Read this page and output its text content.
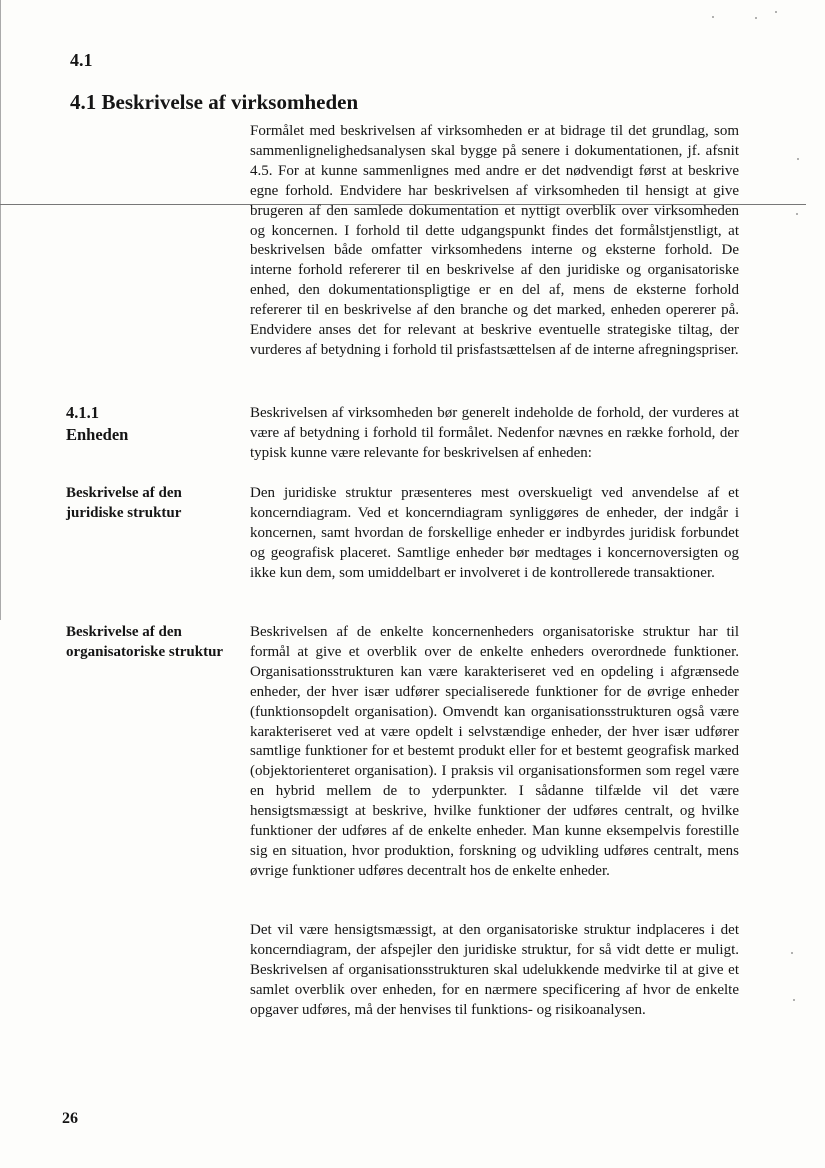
4.1
4.1 Beskrivelse af virksomheden
Formålet med beskrivelsen af virksomheden er at bidrage til det grundlag, som sammenlignelighedsanalysen skal bygge på senere i dokumentationen, jf. afsnit 4.5. For at kunne sammenlignes med andre er det nødvendigt først at beskrive egne forhold. Endvidere har beskrivelsen af virksomheden til hensigt at give brugeren af den samlede dokumentation et nyttigt overblik over virksomheden og koncernen. I forhold til dette udgangspunkt findes det formålstjenstligt, at beskrivelsen både omfatter virksomhedens interne og eksterne forhold. De interne forhold refererer til en beskrivelse af den juridiske og organisatoriske enhed, den dokumentationspligtige er en del af, mens de eksterne forhold refererer til en beskrivelse af den branche og det marked, enheden opererer på. Endvidere anses det for relevant at beskrive eventuelle strategiske tiltag, der vurderes af betydning i forhold til prisfastsættelsen af de interne afregningspriser.
4.1.1
Enheden
Beskrivelsen af virksomheden bør generelt indeholde de forhold, der vurderes at være af betydning i forhold til formålet. Nedenfor nævnes en række forhold, der typisk kunne være relevante for beskrivelsen af enheden:
Beskrivelse af den juridiske struktur
Den juridiske struktur præsenteres mest overskueligt ved anvendelse af et koncerndiagram. Ved et koncerndiagram synliggøres de enheder, der indgår i koncernen, samt hvordan de forskellige enheder er indbyrdes juridisk forbundet og geografisk placeret. Samtlige enheder bør medtages i koncernoversigten og ikke kun dem, som umiddelbart er involveret i de kontrollerede transaktioner.
Beskrivelse af den organisatoriske struktur
Beskrivelsen af de enkelte koncernenheders organisatoriske struktur har til formål at give et overblik over de enkelte enheders overordnede funktioner. Organisationsstrukturen kan være karakteriseret ved en opdeling i afgrænsede enheder, der hver især udfører specialiserede funktioner for de øvrige enheder (funktionsopdelt organisation). Omvendt kan organisationsstrukturen også være karakteriseret ved at være opdelt i selvstændige enheder, der hver især udfører samtlige funktioner for et bestemt produkt eller for et bestemt geografisk marked (objektorienteret organisation). I praksis vil organisationsformen som regel være en hybrid mellem de to yderpunkter. I sådanne tilfælde vil det være hensigtsmæssigt at beskrive, hvilke funktioner der udføres centralt, og hvilke funktioner der udføres af de enkelte enheder. Man kunne eksempelvis forestille sig en situation, hvor produktion, forskning og udvikling udføres centralt, mens øvrige funktioner udføres decentralt hos de enkelte enheder.
Det vil være hensigtsmæssigt, at den organisatoriske struktur indplaceres i det koncerndiagram, der afspejler den juridiske struktur, for så vidt dette er muligt. Beskrivelsen af organisationsstrukturen skal udelukkende medvirke til at give et samlet overblik over enheden, for en nærmere specificering af hvor de enkelte opgaver udføres, må der henvises til funktions- og risikoanalysen.
26
